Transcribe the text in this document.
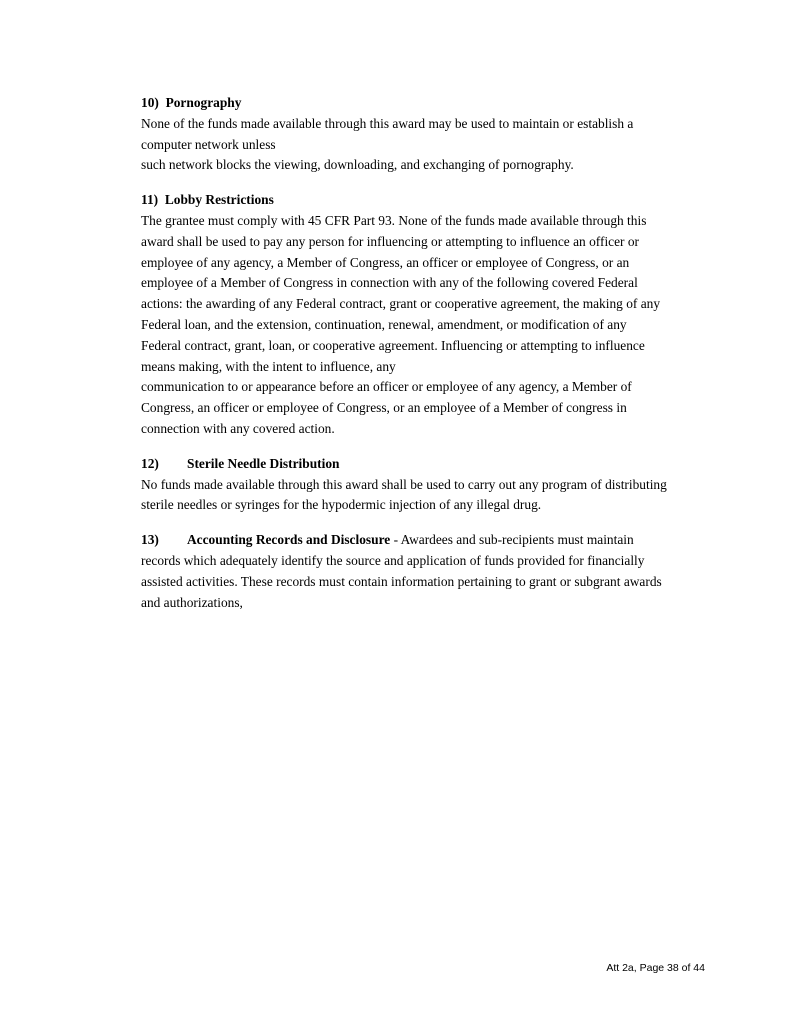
10) Pornography

None of the funds made available through this award may be used to maintain or establish a

computer network unless

such network blocks the viewing, downloading, and exchanging of pornography.

11) Lobby Restrictions

The grantee must comply with 45 CFR Part 93. None of the funds made available through this

award shall be used to pay any person for influencing or attempting to influence an officer or

employee of any agency, a Member of Congress, an officer or employee of Congress, or an

employee of a Member of Congress in connection with any of the following covered Federal

actions: the awarding of any Federal contract, grant or cooperative agreement, the making of any

Federal loan, and the extension, continuation, renewal, amendment, or modification of any

Federal contract, grant, loan, or cooperative agreement. Influencing or attempting to influence

means making, with the intent to influence, any

communication to or appearance before an officer or employee of any agency, a Member of

Congress, an officer or employee of Congress, or an employee of a Member of congress in

connection with any covered action.

12) Sterile Needle Distribution

No funds made available through this award shall be used to carry out any program of distributing

sterile needles or syringes for the hypodermic injection of any illegal drug.

13) Accounting Records and Disclosure - Awardees and sub-recipients must maintain

records which adequately identify the source and application of funds provided for financially

assisted activities. These records must contain information pertaining to grant or subgrant awards

and authorizations,

Att 2a, Page 38 of 44
